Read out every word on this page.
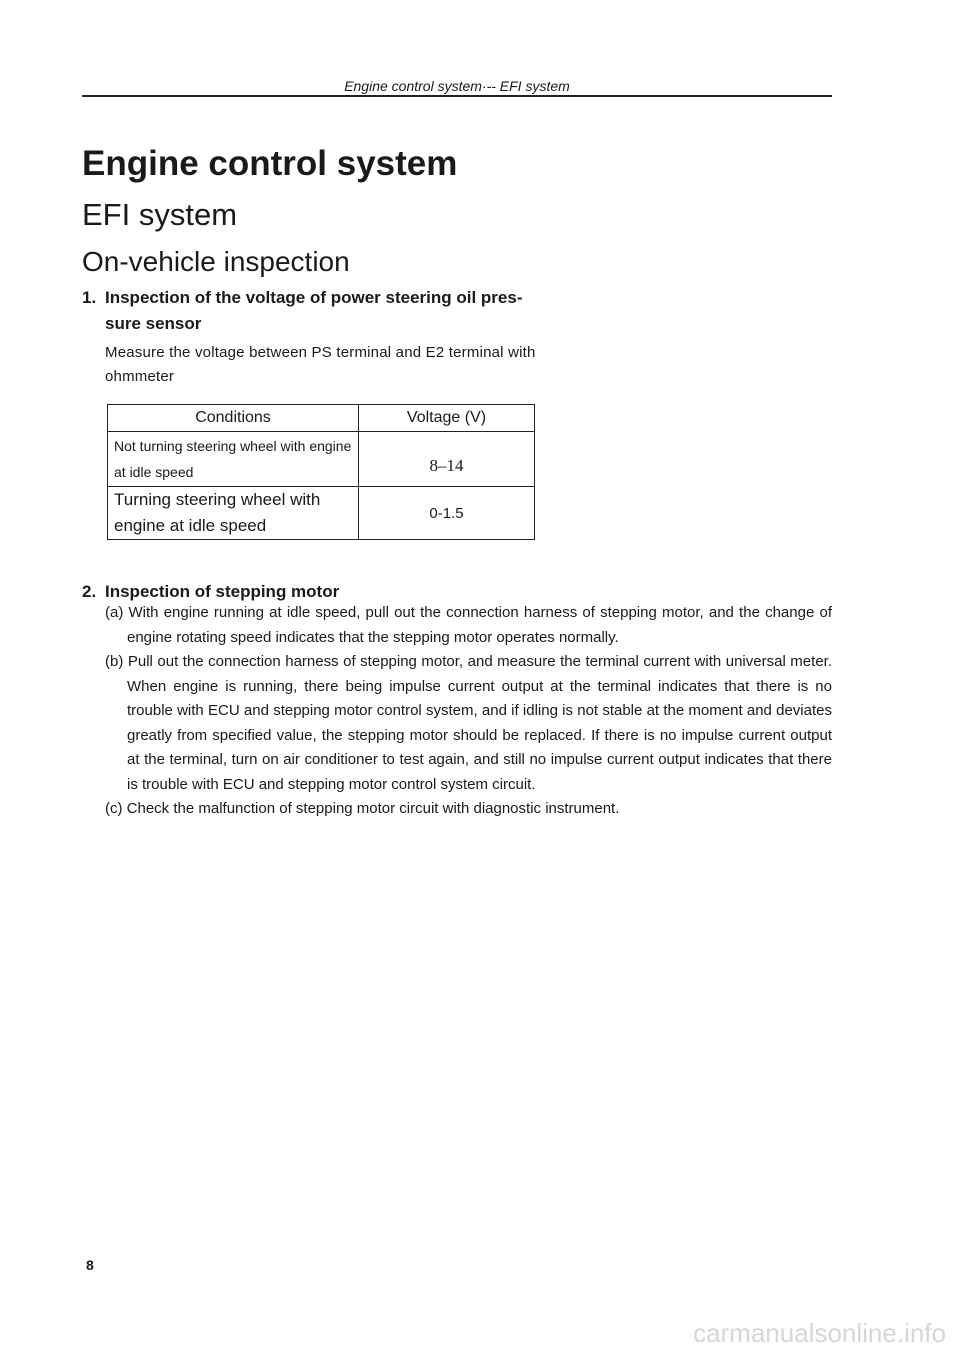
Engine control system·-- EFI system
Engine control system
EFI system
On-vehicle inspection
1. Inspection of the voltage of power steering oil pres-
sure sensor

Measure the voltage between PS terminal and E2 terminal with ohmmeter

Conditions	Voltage (V)
Not turning steering wheel with engine at idle speed	8–14
Turning steering wheel with engine at idle speed	0-1.5
2. Inspection of stepping motor
(a) With engine running at idle speed, pull out the connection harness of stepping motor, and the change of engine rotating speed indicates that the stepping motor operates normally.
(b) Pull out the connection harness of stepping motor, and measure the terminal current with universal meter. When engine is running, there being impulse current output at the terminal indicates that there is no trouble with ECU and stepping motor control system, and if idling is not stable at the moment and deviates greatly from specified value, the stepping motor should be replaced. If there is no impulse current output at the terminal, turn on air conditioner to test again, and still no impulse current output indicates that there is trouble with ECU and stepping motor control system circuit.
(c) Check the malfunction of stepping motor circuit with diagnostic instrument.
8
carmanualsonline.info
